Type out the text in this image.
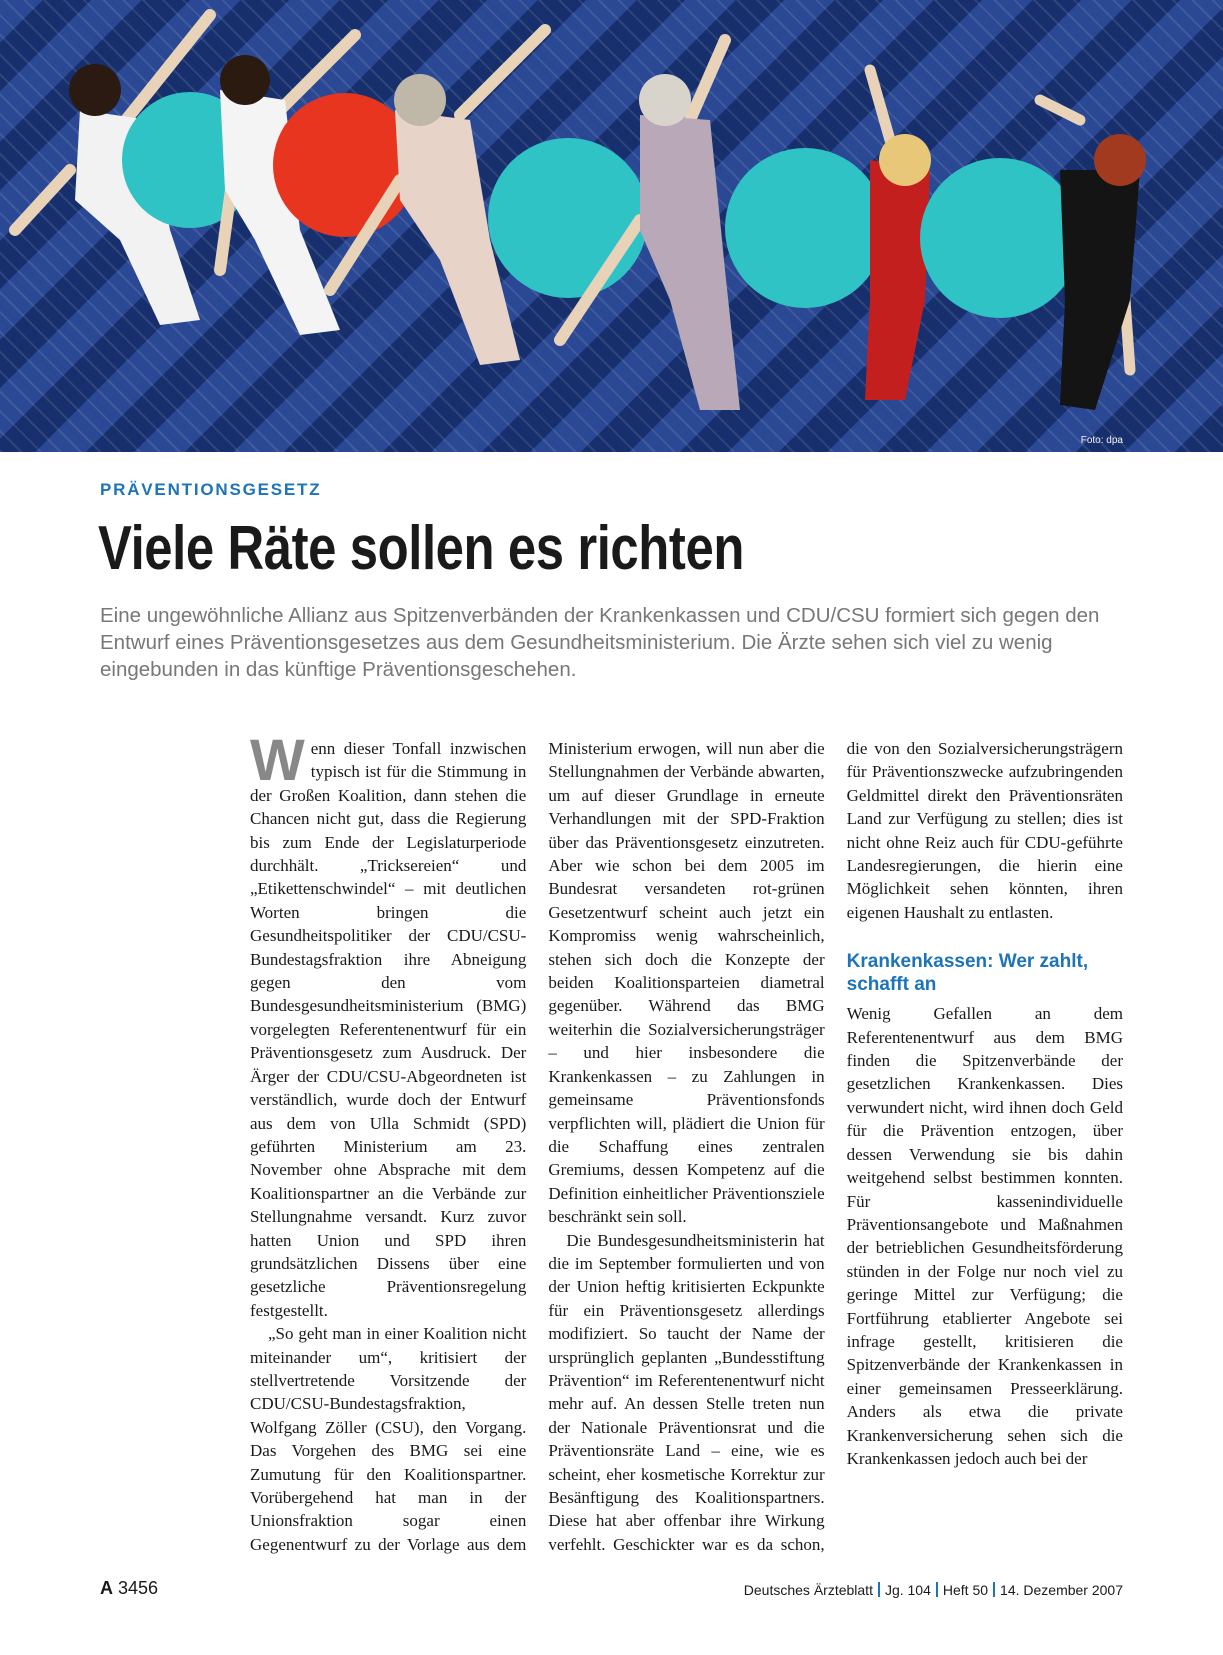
Foto: dpa
PRÄVENTIONSGESETZ
Viele Räte sollen es richten

Eine ungewöhnliche Allianz aus Spitzenverbänden der Krankenkassen und CDU/CSU formiert sich gegen den Entwurf eines Präventionsgesetzes aus dem Gesundheitsministerium. Die Ärzte sehen sich viel zu wenig eingebunden in das künftige Präventionsgeschehen.

Wenn dieser Tonfall inzwischen typisch ist für die Stimmung in der Großen Koalition, dann stehen die Chancen nicht gut, dass die Regierung bis zum Ende der Legislaturperiode durchhält. „Tricksereien“ und „Etikettenschwindel“ – mit deutlichen Worten bringen die Gesundheitspolitiker der CDU/CSU-Bundestagsfraktion ihre Abneigung gegen den vom Bundesgesundheitsministerium (BMG) vorgelegten Referentenentwurf für ein Präventionsgesetz zum Ausdruck. Der Ärger der CDU/CSU-Abgeordneten ist verständlich, wurde doch der Entwurf aus dem von Ulla Schmidt (SPD) geführten Ministerium am 23. November ohne Absprache mit dem Koalitionspartner an die Verbände zur Stellungnahme versandt. Kurz zuvor hatten Union und SPD ihren grundsätzlichen Dissens über eine gesetzliche Präventionsregelung festgestellt.

„So geht man in einer Koalition nicht miteinander um“, kritisiert der stellvertretende Vorsitzende der CDU/CSU-Bundestagsfraktion, Wolfgang Zöller (CSU), den Vorgang. Das Vorgehen des BMG sei eine Zumutung für den Koalitionspartner. Vorübergehend hat man in der Unionsfraktion sogar einen Gegenentwurf zu der Vorlage aus dem Ministerium erwogen, will nun aber die Stellungnahmen der Verbände abwarten, um auf dieser Grundlage in erneute Verhandlungen mit der SPD-Fraktion über das Präventionsgesetz einzutreten. Aber wie schon bei dem 2005 im Bundesrat versandeten rot-grünen Gesetzentwurf scheint auch jetzt ein Kompromiss wenig wahrscheinlich, stehen sich doch die Konzepte der beiden Koalitionsparteien diametral gegenüber. Während das BMG weiterhin die Sozialversicherungsträger – und hier insbesondere die Krankenkassen – zu Zahlungen in gemeinsame Präventionsfonds verpflichten will, plädiert die Union für die Schaffung eines zentralen Gremiums, dessen Kompetenz auf die Definition einheitlicher Präventionsziele beschränkt sein soll.

Die Bundesgesundheitsministerin hat die im September formulierten und von der Union heftig kritisierten Eckpunkte für ein Präventionsgesetz allerdings modifiziert. So taucht der Name der ursprünglich geplanten „Bundesstiftung Prävention“ im Referentenentwurf nicht mehr auf. An dessen Stelle treten nun der Nationale Präventionsrat und die Präventionsräte Land – eine, wie es scheint, eher kosmetische Korrektur zur Besänftigung des Koalitionspartners. Diese hat aber offenbar ihre Wirkung verfehlt. Geschickter war es da schon, die von den Sozialversicherungsträgern für Präventionszwecke aufzubringenden Geldmittel direkt den Präventionsräten Land zur Verfügung zu stellen; dies ist nicht ohne Reiz auch für CDU-geführte Landesregierungen, die hierin eine Möglichkeit sehen könnten, ihren eigenen Haushalt zu entlasten.

Krankenkassen: Wer zahlt, schafft an

Wenig Gefallen an dem Referentenentwurf aus dem BMG finden die Spitzenverbände der gesetzlichen Krankenkassen. Dies verwundert nicht, wird ihnen doch Geld für die Prävention entzogen, über dessen Verwendung sie bis dahin weitgehend selbst bestimmen konnten. Für kassenindividuelle Präventionsangebote und Maßnahmen der betrieblichen Gesundheitsförderung stünden in der Folge nur noch viel zu geringe Mittel zur Verfügung; die Fortführung etablierter Angebote sei infrage gestellt, kritisieren die Spitzenverbände der Krankenkassen in einer gemeinsamen Presseerklärung. Anders als etwa die private Krankenversicherung sehen sich die Krankenkassen jedoch auch bei der

A 3456	Deutsches Ärzteblatt Jg. 104 Heft 50 14. Dezember 2007
